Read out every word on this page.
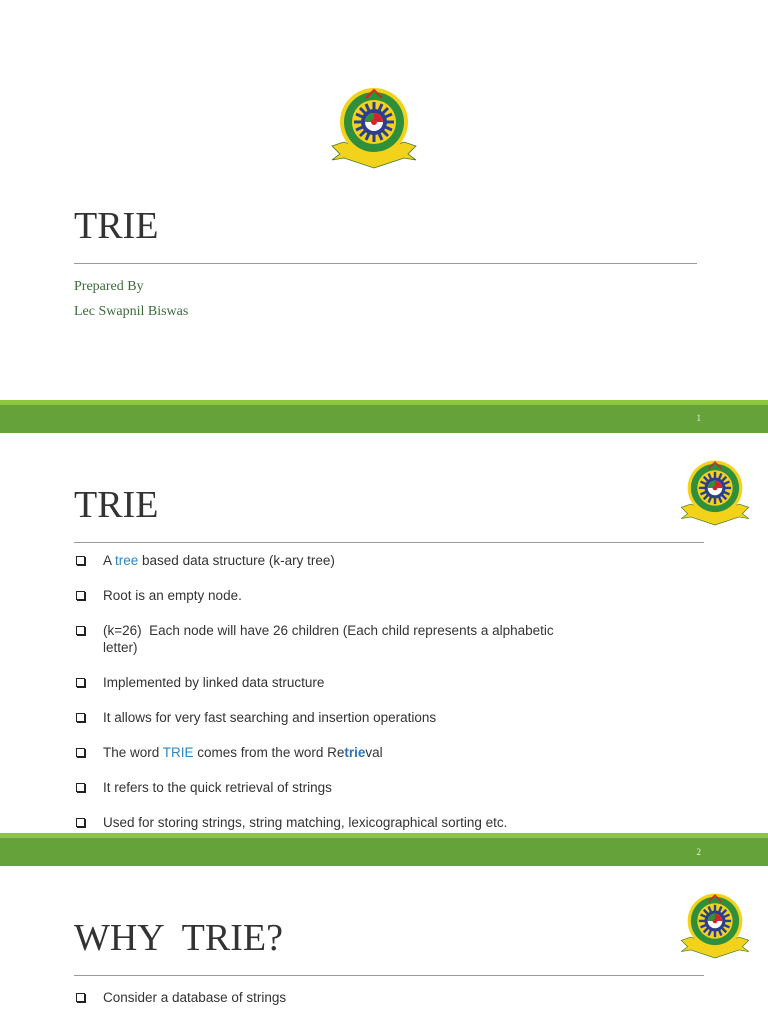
TRIE
Prepared By
Lec Swapnil Biswas
1
TRIE
A tree based data structure (k-ary tree)
Root is an empty node.
(k=26)  Each node will have 26 children (Each child represents a alphabetic letter)
Implemented by linked data structure
It allows for very fast searching and insertion operations
The word TRIE comes from the word Retrieval
It refers to the quick retrieval of strings
Used for storing strings, string matching, lexicographical sorting etc.
2
WHY  TRIE?
Consider a database of strings
